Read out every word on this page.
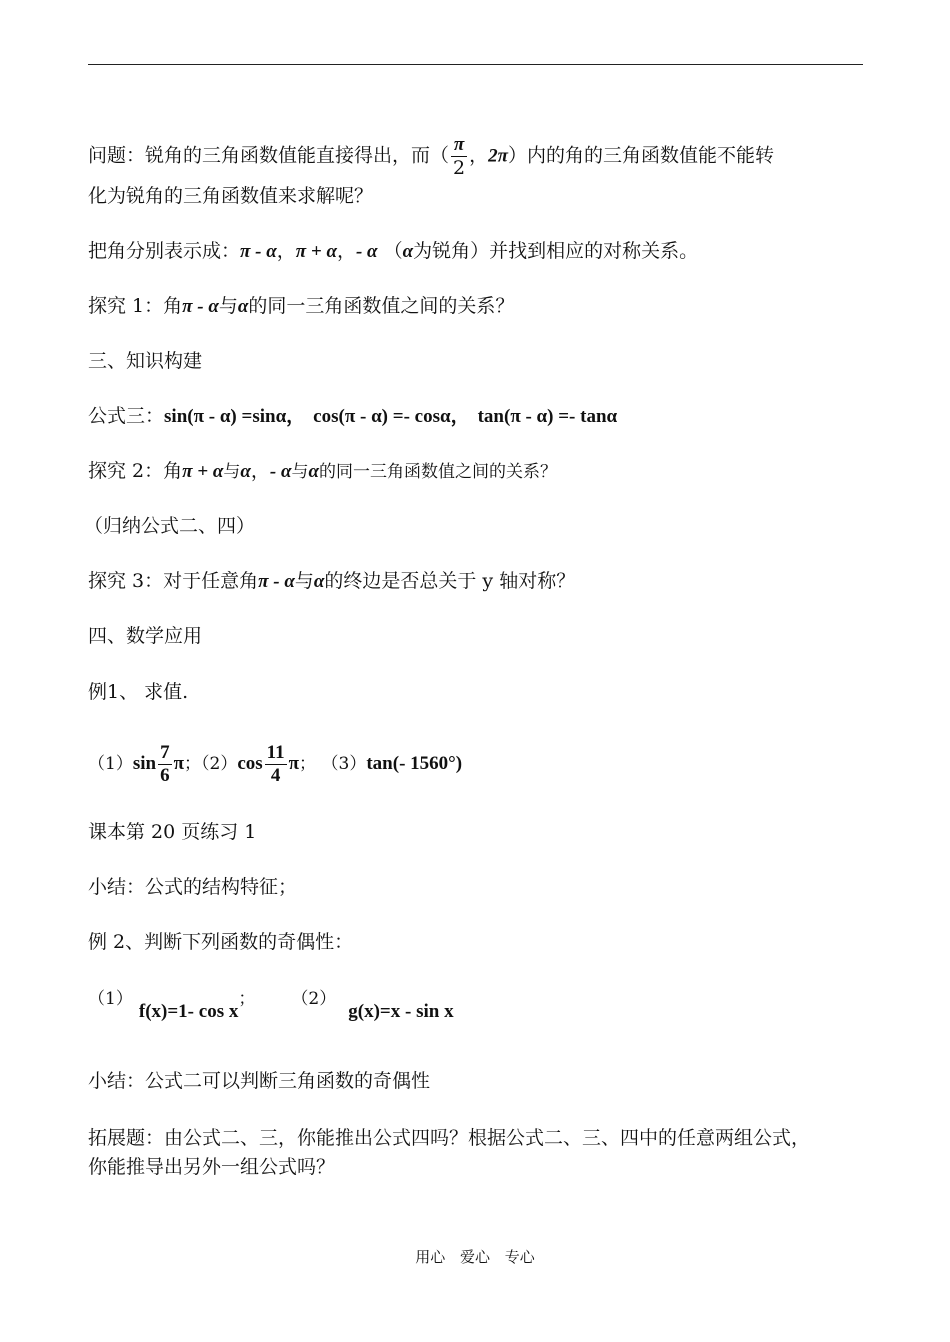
问题：锐角的三角函数值能直接得出，而（ $\frac{\pi}{2}$ ，2π）内的角的三角函数值能不能转
化为锐角的三角函数值来求解呢？
把角分别表示成：π - α，π + α，- α （α为锐角）并找到相应的对称关系。
探究 1：角π - α与α的同一三角函数值之间的关系？
三、知识构建
公式三：sin(π - α) =sinα， cos(π - α) =- cosα， tan(π - α) =- tanα
探究 2：角π + α与α，- α与α的同一三角函数值之间的关系？
（归纳公式二、四）
探究 3：对于任意角π - α与α的终边是否总关于 y 轴对称？
四、数学应用
例1、 求值.
$(1)\sin \frac{7}{6}$ π；$(2)\cos \frac{11}{4}$ π； （3）tan(- 1560°)
课本第 20 页练习 1
小结：公式的结构特征；
例 2、判断下列函数的奇偶性：
（1） f(x)=1- cos x； （2） g(x)=x - sin x
小结：公式二可以判断三角函数的奇偶性
拓展题：由公式二、三，你能推出公式四吗？根据公式二、三、四中的任意两组公式，
你能推导出另外一组公式吗？
用心 爱心 专心
